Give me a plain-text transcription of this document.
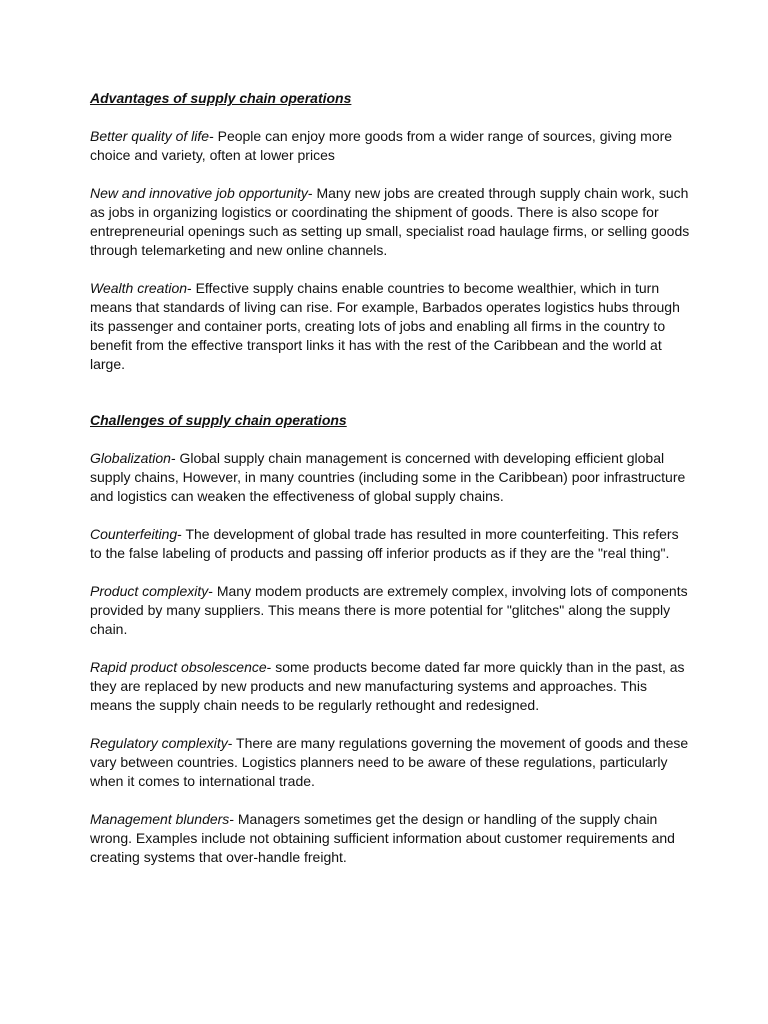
Advantages of supply chain operations

Better quality of life- People can enjoy more goods from a wider range of sources, giving more choice and variety, often at lower prices

New and innovative job opportunity- Many new jobs are created through supply chain work, such as jobs in organizing logistics or coordinating the shipment of goods. There is also scope for entrepreneurial openings such as setting up small, specialist road haulage firms, or selling goods through telemarketing and new online channels.

Wealth creation- Effective supply chains enable countries to become wealthier, which in turn means that standards of living can rise. For example, Barbados operates logistics hubs through its passenger and container ports, creating lots of jobs and enabling all firms in the country to benefit from the effective transport links it has with the rest of the Caribbean and the world at large.

Challenges of supply chain operations

Globalization- Global supply chain management is concerned with developing efficient global supply chains, However, in many countries (including some in the Caribbean) poor infrastructure and logistics can weaken the effectiveness of global supply chains.

Counterfeiting- The development of global trade has resulted in more counterfeiting. This refers to the false labeling of products and passing off inferior products as if they are the "real thing".

Product complexity- Many modem products are extremely complex, involving lots of components provided by many suppliers. This means there is more potential for "glitches" along the supply chain.

Rapid product obsolescence- some products become dated far more quickly than in the past, as they are replaced by new products and new manufacturing systems and approaches. This means the supply chain needs to be regularly rethought and redesigned.

Regulatory complexity- There are many regulations governing the movement of goods and these vary between countries. Logistics planners need to be aware of these regulations, particularly when it comes to international trade.

Management blunders- Managers sometimes get the design or handling of the supply chain wrong. Examples include not obtaining sufficient information about customer requirements and creating systems that over-handle freight.
